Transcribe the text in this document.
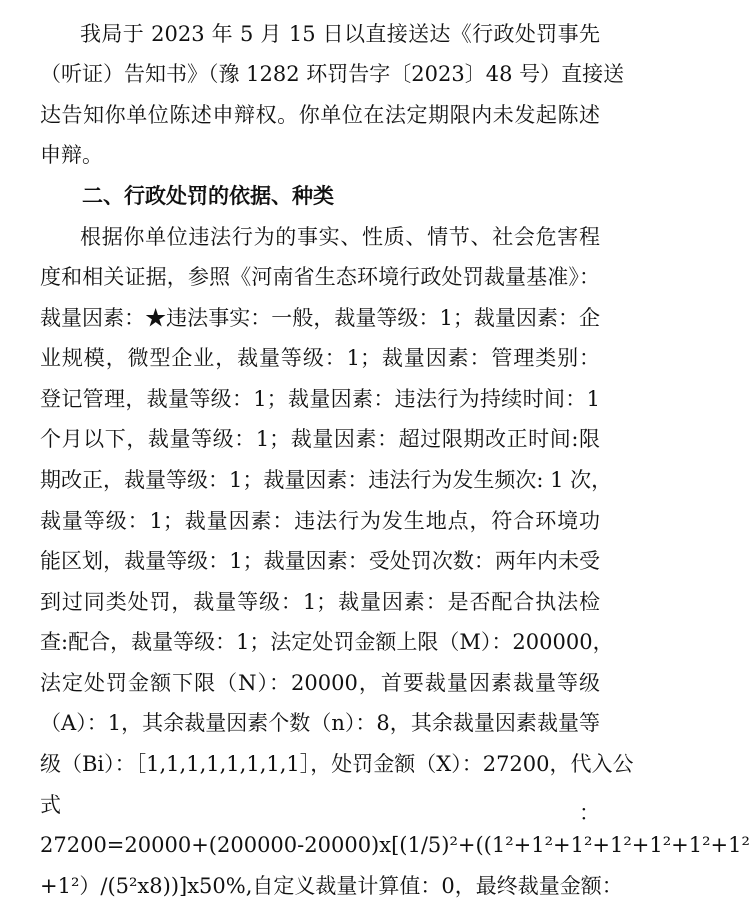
我局于 2023 年 5 月 15 日以直接送达《行政处罚事先
（听证）告知书》（豫 1282 环罚告字〔2023〕48 号）直接送
达告知你单位陈述申辩权。你单位在法定期限内未发起陈述
申辩。
二、行政处罚的依据、种类
根据你单位违法行为的事实、性质、情节、社会危害程
度和相关证据，参照《河南省生态环境行政处罚裁量基准》：
裁量因素：★违法事实：一般，裁量等级：1；裁量因素：企
业规模，微型企业，裁量等级：1；裁量因素：管理类别：
登记管理，裁量等级：1；裁量因素：违法行为持续时间：1
个月以下，裁量等级：1；裁量因素：超过限期改正时间:限
期改正，裁量等级：1；裁量因素：违法行为发生频次: 1 次，
裁量等级：1；裁量因素：违法行为发生地点，符合环境功
能区划，裁量等级：1；裁量因素：受处罚次数：两年内未受
到过同类处罚，裁量等级：1；裁量因素：是否配合执法检
查:配合，裁量等级：1；法定处罚金额上限（M）：200000，
法定处罚金额下限（N）：20000，首要裁量因素裁量等级
（A）：1，其余裁量因素个数（n）：8，其余裁量因素裁量等
级（Bi）：［1,1,1,1,1,1,1,1］，处罚金额（X）：27200，代入公
式	：
27200=20000+(200000-20000)x[(1/5)²+((1²+1²+1²+1²+1²+1²+1²
+1²）/(5²x8))]x50%,自定义裁量计算值：0，最终裁量金额：
